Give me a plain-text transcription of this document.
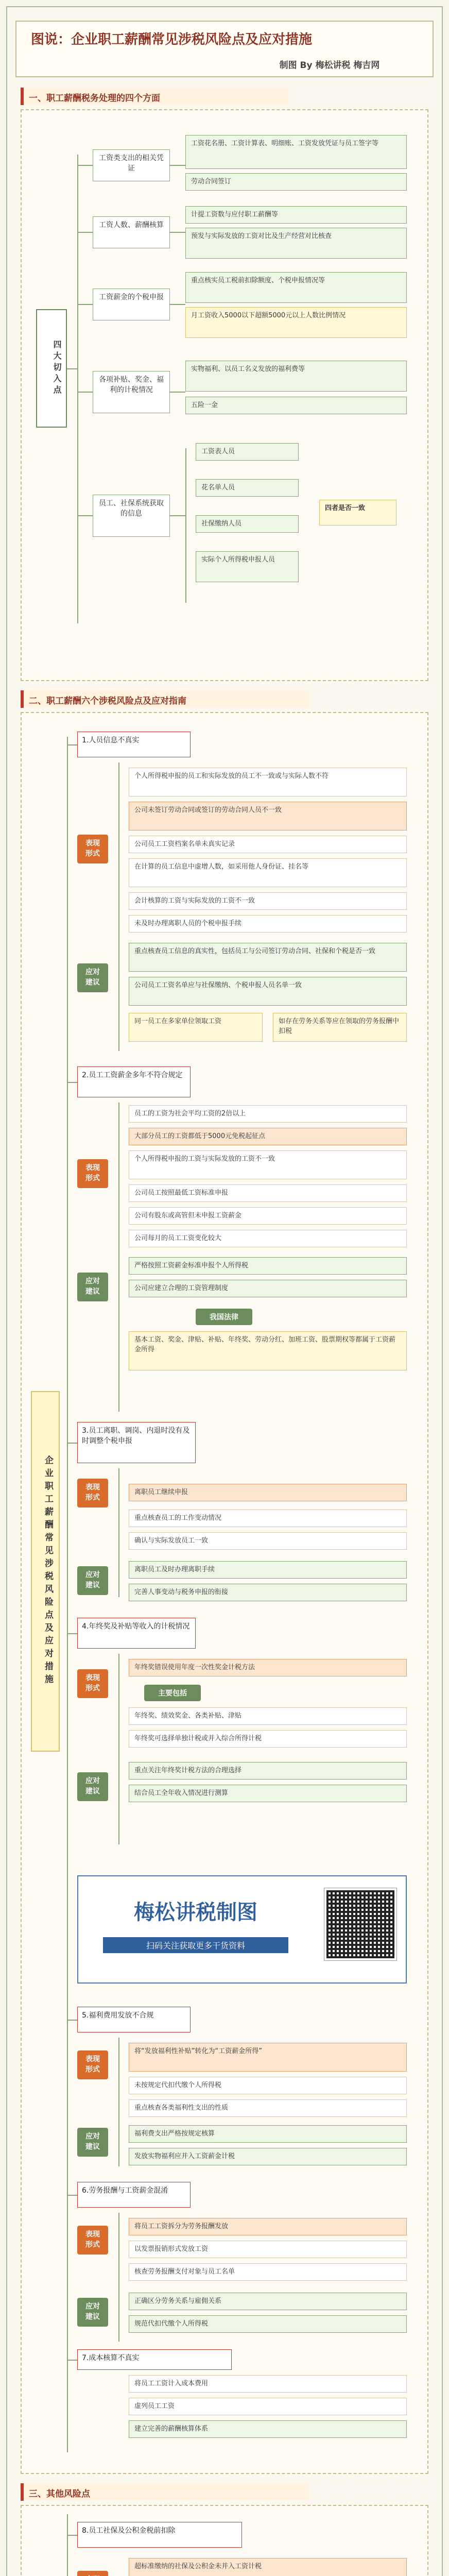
图说：企业职工薪酬常见涉税风险点及应对措施
制图 By 梅松讲税 梅吉网
一、职工薪酬税务处理的四个方面
四大切入点
工资类支出的相关凭证
工资花名册、工资计算表、明细账、工资发放凭证与员工签字等
劳动合同签订
工资人数、薪酬核算
计提工资数与应付职工薪酬等
预发与实际发放的工资对比及生产经营对比核查
工资薪金的个税申报
重点核实员工税前扣除额度、个税申报情况等
月工资收入5000以下超额5000元以上人数比例情况
各项补贴、奖金、福利的计税情况
实物福利、以员工名义发放的福利费等
五险一金
员工、社保系统获取的信息
工资表人员
花名单人员
社保缴纳人员
实际个人所得税申报人员
四者是否一致
二、职工薪酬六个涉税风险点及应对指南
企业职工薪酬常见涉税风险点及应对措施
1.人员信息不真实
表现
形式
个人所得税申报的员工和实际发放的员工不一致或与实际人数不符
公司未签订劳动合同或签订的劳动合同人员不一致
公司员工工资档案名单未真实记录
在计算的员工信息中虚增人数，如采用他人身份证、挂名等
会计核算的工资与实际发放的工资不一致
未及时办理离职人员的个税申报手续
应对
建议
重点核查员工信息的真实性，包括员工与公司签订劳动合同、社保和个税是否一致
公司员工工资名单应与社保缴纳、个税申报人员名单一致
同一员工在多家单位领取工资	如存在劳务关系等应在领取的劳务报酬中扣税
2.员工工资薪金多年不符合规定
表现
形式
员工的工资为社会平均工资的2倍以上
大部分员工的工资都低于5000元免税起征点
个人所得税申报的工资与实际发放的工资不一致
公司员工按照最低工资标准申报
公司有股东或高管但未申报工资薪金
公司每月的员工工资变化较大
应对
建议
严格按照工资薪金标准申报个人所得税
公司应建立合理的工资管理制度
我国法律
基本工资、奖金、津贴、补贴、年终奖、劳动分红、加班工资、股票期权等都属于工资薪金所得
3.员工离职、调岗、内退时没有及时调整个税申报
表现
形式
离职员工继续申报
重点核查员工的工作变动情况
确认与实际发放员工一致
应对
建议
离职员工及时办理离职手续
完善人事变动与税务申报的衔接
4.年终奖及补贴等收入的计税情况
表现
形式
年终奖错误使用年度一次性奖金计税方法
主要包括
年终奖、绩效奖金、各类补贴、津贴
年终奖可选择单独计税或并入综合所得计税
应对
建议
重点关注年终奖计税方法的合理选择
结合员工全年收入情况进行测算
梅松讲税制图
扫码关注获取更多干货资料
5.福利费用发放不合规
表现
形式
将“发放福利性补贴”转化为“工资薪金所得”
未按规定代扣代缴个人所得税
重点核查各类福利性支出的性质
应对
建议
福利费支出严格按规定核算
发放实物福利应并入工资薪金计税
6.劳务报酬与工资薪金混淆
表现
形式
将员工工资拆分为劳务报酬发放
以发票报销形式发放工资
核查劳务报酬支付对象与员工名单
应对
建议
正确区分劳务关系与雇佣关系
规范代扣代缴个人所得税
7.成本核算不真实
将员工工资计入成本费用
虚列员工工资
建立完善的薪酬核算体系
三、其他风险点
8.员工社保及公积金税前扣除

超标准缴纳的社保及公积金未并入工资计税
